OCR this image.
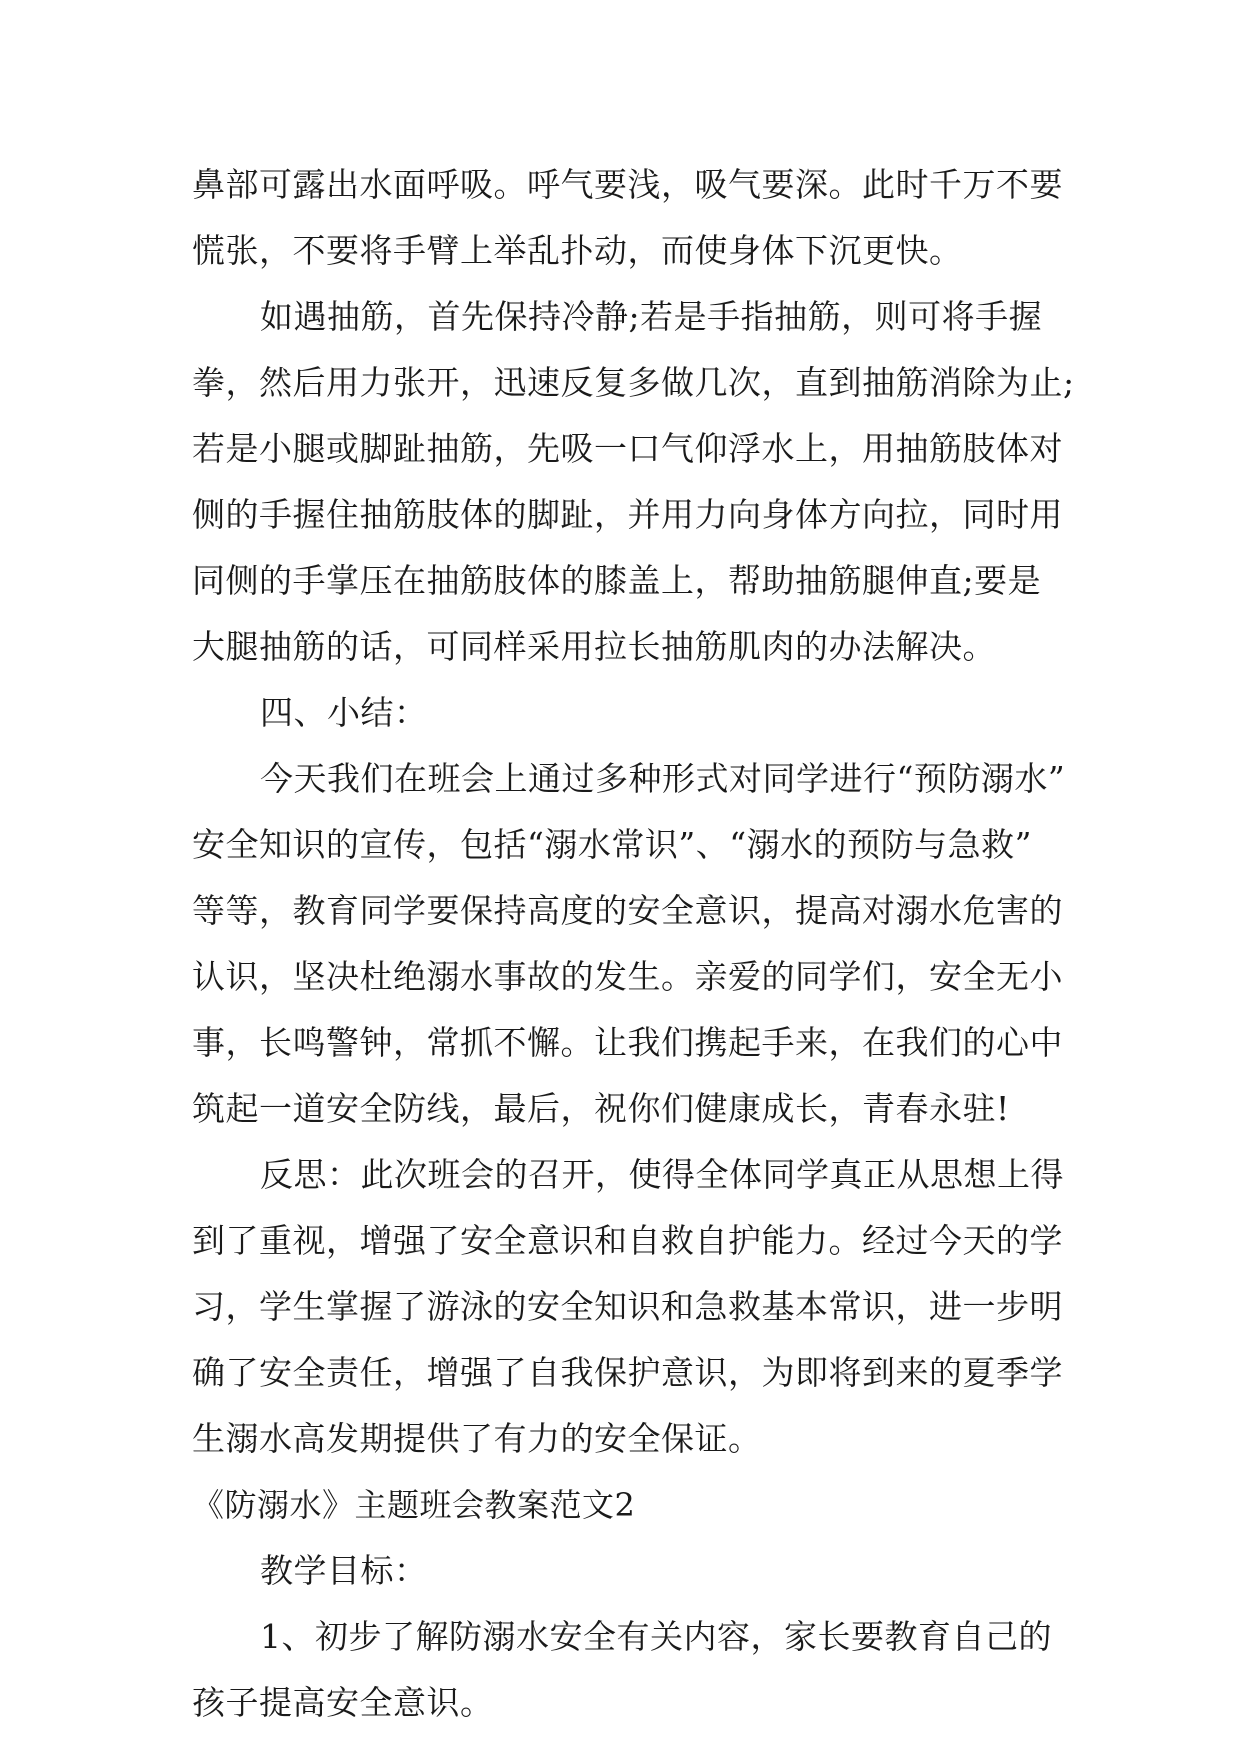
鼻部可露出水面呼吸。呼气要浅，吸气要深。此时千万不要
慌张，不要将手臂上举乱扑动，而使身体下沉更快。
如遇抽筋，首先保持冷静;若是手指抽筋，则可将手握
拳，然后用力张开，迅速反复多做几次，直到抽筋消除为止;
若是小腿或脚趾抽筋，先吸一口气仰浮水上，用抽筋肢体对
侧的手握住抽筋肢体的脚趾，并用力向身体方向拉，同时用
同侧的手掌压在抽筋肢体的膝盖上，帮助抽筋腿伸直;要是
大腿抽筋的话，可同样采用拉长抽筋肌肉的办法解决。
四、小结：
今天我们在班会上通过多种形式对同学进行“预防溺水”
安全知识的宣传，包括“溺水常识”、“溺水的预防与急救”
等等，教育同学要保持高度的安全意识，提高对溺水危害的
认识，坚决杜绝溺水事故的发生。亲爱的同学们，安全无小
事，长鸣警钟，常抓不懈。让我们携起手来，在我们的心中
筑起一道安全防线，最后，祝你们健康成长，青春永驻!
反思：此次班会的召开，使得全体同学真正从思想上得
到了重视，增强了安全意识和自救自护能力。经过今天的学
习，学生掌握了游泳的安全知识和急救基本常识，进一步明
确了安全责任，增强了自我保护意识，为即将到来的夏季学
生溺水高发期提供了有力的安全保证。
《防溺水》主题班会教案范文2
教学目标：
1、初步了解防溺水安全有关内容，家长要教育自己的
孩子提高安全意识。
